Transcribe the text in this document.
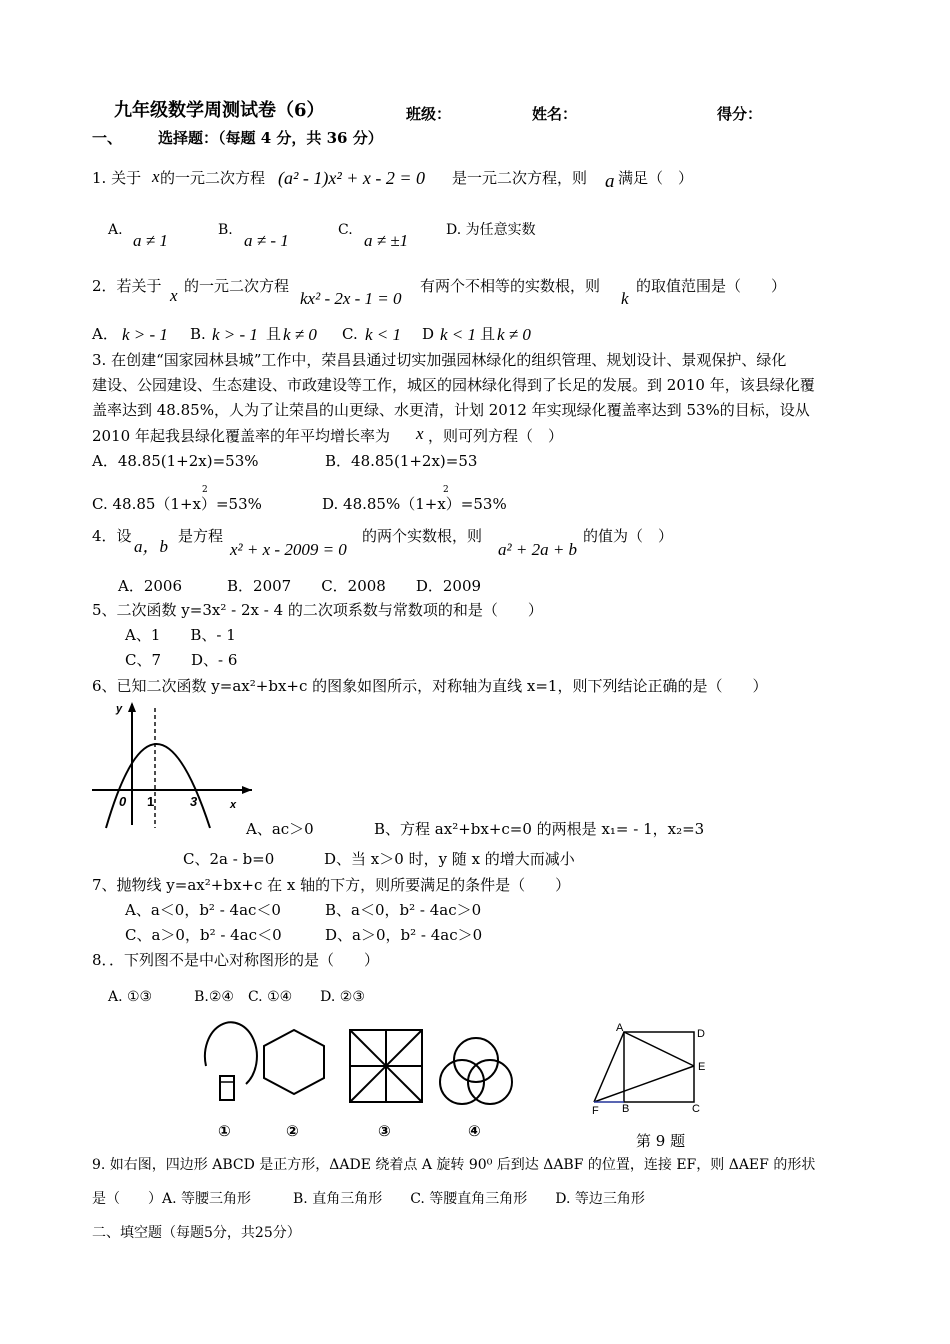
九年级数学周测试卷（6）	班级：	姓名：	得分：
一、 选择题：（每题 4 分，共 36 分）
1. 关于 x 的一元二次方程 (a² - 1)x² + x - 2 = 0 是一元二次方程，则 a 满足（　）
A.
a ≠ 1
B.
a ≠ - 1
C.
a ≠ ±1
D. 为任意实数
2．若关于 x 的一元二次方程
kx² - 2x - 1 = 0
有两个不相等的实数根，则
k
的取值范围是（　　）
A． k > - 1 B. k > - 1 且 k ≠ 0 C. k < 1 D k < 1 且 k ≠ 0
3. 在创建“国家园林县城”工作中，荣昌县通过切实加强园林绿化的组织管理、规划设计、景观保护、绿化
建设、公园建设、生态建设、市政建设等工作，城区的园林绿化得到了长足的发展。到 2010 年，该县绿化覆
盖率达到 48.85%，人为了让荣昌的山更绿、水更清，计划 2012 年实现绿化覆盖率达到 53%的目标，设从
2010 年起我县绿化覆盖率的年平均增长率为 x ，则可列方程（　）
A．48.85(1+2x)=53%	B．48.85(1+2x)=53
C. 48.85（1+x）=53%
2
D. 48.85%（1+x）=53%
2
4．设
a，b
是方程
x² + x - 2009 = 0
的两个实数根，则
a² + 2a + b
的值为（　）
A．2006　　　B．2007　　C．2008　　D．2009
5、二次函数 y=3x² - 2x - 4 的二次项系数与常数项的和是（　　）
A、1　　B、- 1
C、7　　D、- 6
6、已知二次函数 y=ax²+bx+c 的图象如图所示，对称轴为直线 x=1，则下列结论正确的是（　　）
y
x
0 1	3
A、ac＞0	B、方程 ax²+bx+c=0 的两根是 x₁= - 1，x₂=3
C、2a - b=0	D、当 x＞0 时，y 随 x 的增大而减小
7、抛物线 y=ax²+bx+c 在 x 轴的下方，则所要满足的条件是（　　）
A、a＜0，b² - 4ac＜0	B、a＜0，b² - 4ac＞0
C、a＞0，b² - 4ac＜0	D、a＞0，b² - 4ac＞0
8．．下列图不是中心对称图形的是（　　）
A. ①③　　　B.②④　C. ①④　　D. ②③
①	②	③	④
A	D
E
F B	C
第 9 题
9. 如右图，四边形 ABCD 是正方形，ΔADE 绕着点 A 旋转 90⁰ 后到达 ΔABF 的位置，连接 EF，则 ΔAEF 的形状
是（　　）A. 等腰三角形　　　B. 直角三角形　　C. 等腰直角三角形　　D. 等边三角形
二、填空题（每题5分，共25分）
